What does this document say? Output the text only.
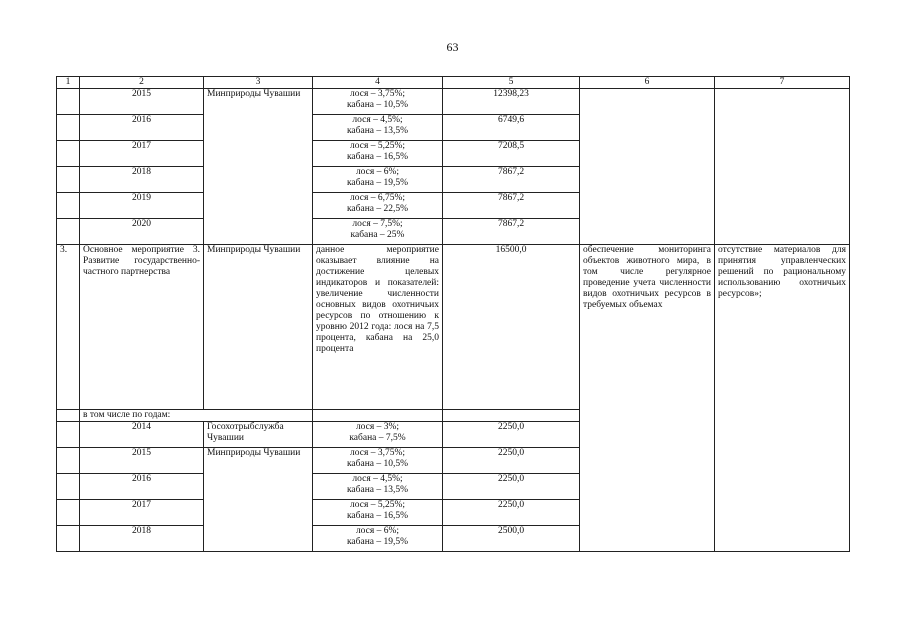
63
1	2	3	4	5	6	7
	2015	Минприроды Чувашии	лося – 3,75%;
кабана – 10,5%	12398,23		
	2016		лося – 4,5%;
кабана – 13,5%	6749,6		
	2017		лося – 5,25%;
кабана – 16,5%	7208,5		
	2018		лося – 6%;
кабана – 19,5%	7867,2		
	2019		лося – 6,75%;
кабана – 22,5%	7867,2		
	2020		лося – 7,5%;
кабана – 25%	7867,2		
3.	Основное мероприятие 3. Развитие государственно-частного партнерства	Минприроды Чувашии	данное мероприятие оказывает влияние на достижение целевых индикаторов и показателей: увеличение численности основных видов охотничьих ресурсов по отношению к уровню 2012 года: лося на 7,5 процента, кабана на 25,0 процента	16500,0	обеспечение мониторинга объектов животного мира, в том числе регулярное проведение учета численности видов охотничьих ресурсов в требуемых объемах	отсутствие материалов для принятия управленческих решений по рациональному использованию охотничьих ресурсов»;
	в том числе по годам:					
	2014	Госохотрыбслужба Чувашии	лося – 3%;
кабана – 7,5%	2250,0		
	2015	Минприроды Чувашии	лося – 3,75%;
кабана – 10,5%	2250,0		
	2016		лося – 4,5%;
кабана – 13,5%	2250,0		
	2017		лося – 5,25%;
кабана – 16,5%	2250,0		
	2018		лося – 6%;
кабана – 19,5%	2500,0		
